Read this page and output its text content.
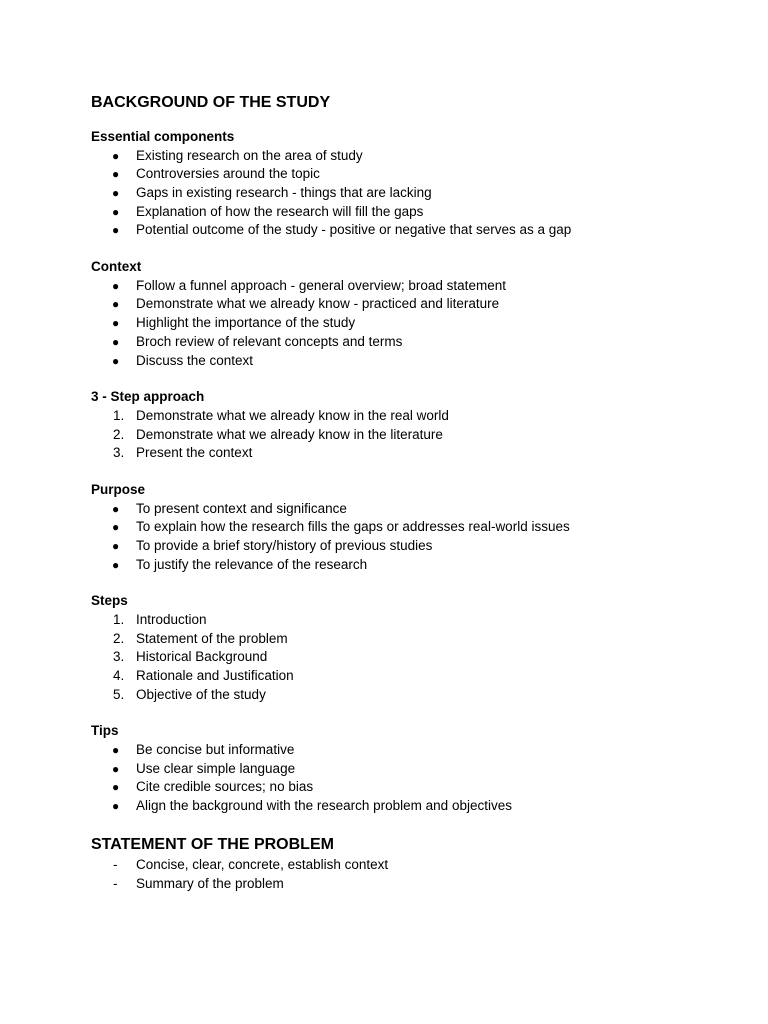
BACKGROUND OF THE STUDY
Essential components
●	Existing research on the area of study
●	Controversies around the topic
●	Gaps in existing research - things that are lacking
●	Explanation of how the research will fill the gaps
●	Potential outcome of the study - positive or negative that serves as a gap
Context
●	Follow a funnel approach - general overview; broad statement
●	Demonstrate what we already know - practiced and literature
●	Highlight the importance of the study
●	Broch review of relevant concepts and terms
●	Discuss the context
3 - Step approach
1. Demonstrate what we already know in the real world
2. Demonstrate what we already know in the literature
3. Present the context
Purpose
●	To present context and significance
●	To explain how the research fills the gaps or addresses real-world issues
●	To provide a brief story/history of previous studies
●	To justify the relevance of the research
Steps
1. Introduction
2. Statement of the problem
3. Historical Background
4. Rationale and Justification
5. Objective of the study
Tips
●	Be concise but informative
●	Use clear simple language
●	Cite credible sources; no bias
●	Align the background with the research problem and objectives
STATEMENT OF THE PROBLEM
-	Concise, clear, concrete, establish context
-	Summary of the problem
